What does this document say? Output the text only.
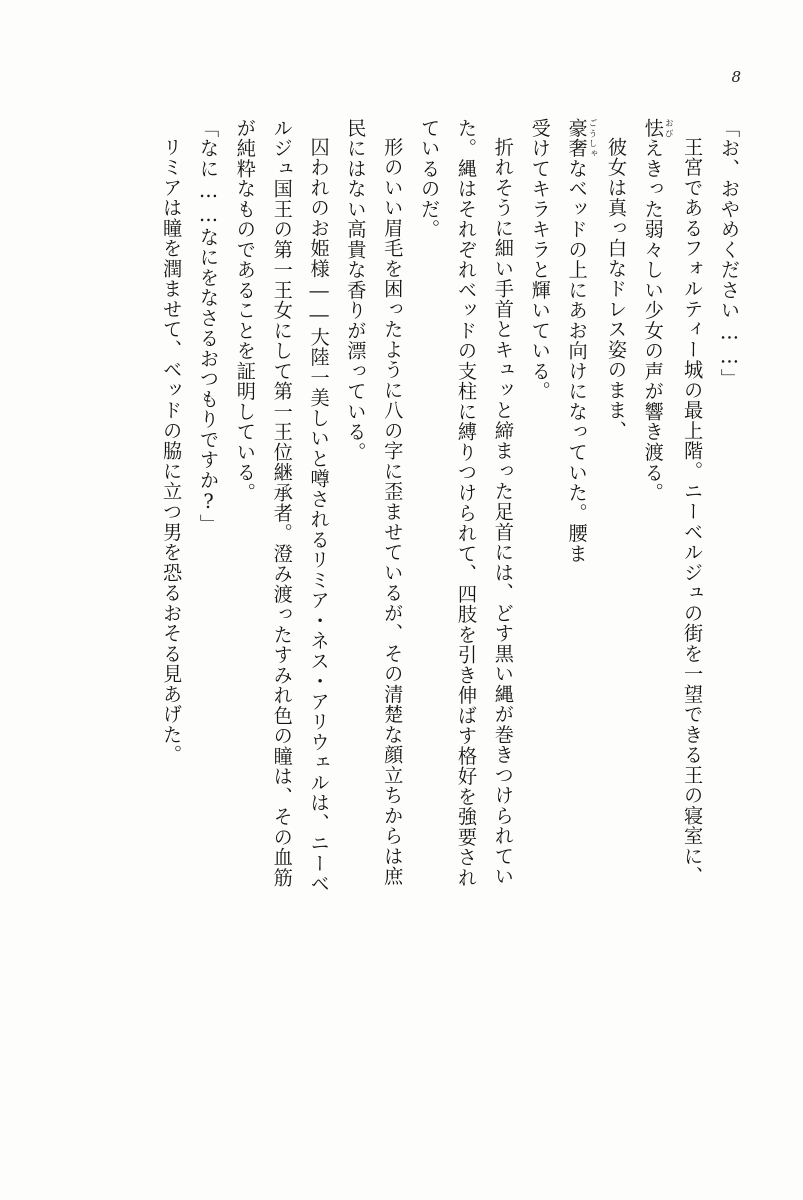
8

「お、おやめください……」

王宮であるフォルティー城の最上階。ニーベルジュの街を一望できる王の寝室に、

怯おびえきった弱々しい少女の声が響き渡る。

彼女は真っ白なドレス姿のまま、

豪奢ごうしゃなベッドの上にあお向けになっていた。腰ま

受けてキラキラと輝いている。

折れそうに細い手首とキュッと締まった足首には、どす黒い縄が巻きつけられてい

た。縄はそれぞれベッドの支柱に縛りつけられて、四肢を引き伸ばす格好を強要され

ているのだ。

形のいい眉毛を困ったように八の字に歪ませているが、その清楚な顔立ちからは庶

民にはない高貴な香りが漂っている。

囚われのお姫様――大陸一美しいと噂されるリミア・ネス・アリウェルは、ニーベ

ルジュ国王の第一王女にして第一王位継承者。澄み渡ったすみれ色の瞳は、その血筋

が純粋なものであることを証明している。

「なに……なにをなさるおつもりですか?」

リミアは瞳を潤ませて、ベッドの脇に立つ男を恐るおそる見あげた。
